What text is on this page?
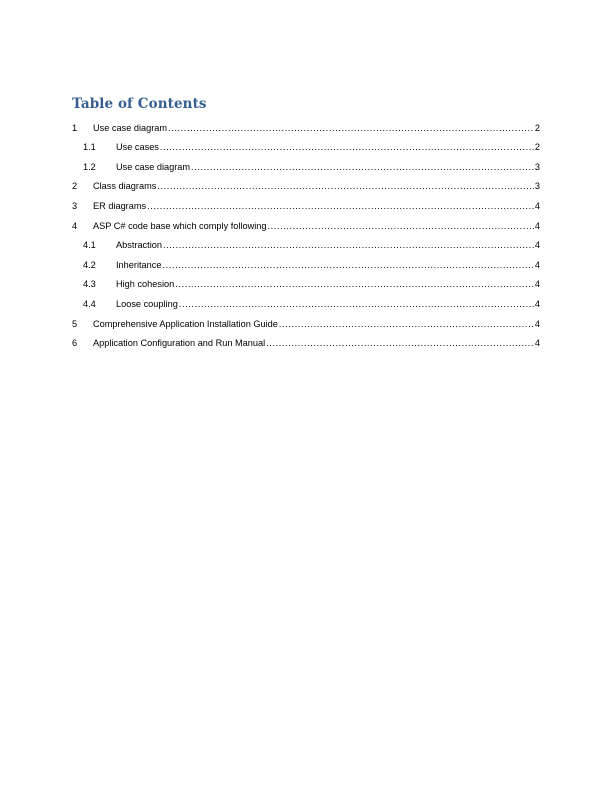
Table of Contents
1	Use case diagram .....	2
1.1	Use cases .....	2
1.2	Use case diagram .....	3
2	Class diagrams .....	3
3	ER diagrams .....	4
4	ASP C# code base which comply following .....	4
4.1	Abstraction .....	4
4.2	Inheritance .....	4
4.3	High cohesion .....	4
4.4	Loose coupling .....	4
5	Comprehensive Application Installation Guide .....	4
6	Application Configuration and Run Manual .....	4
